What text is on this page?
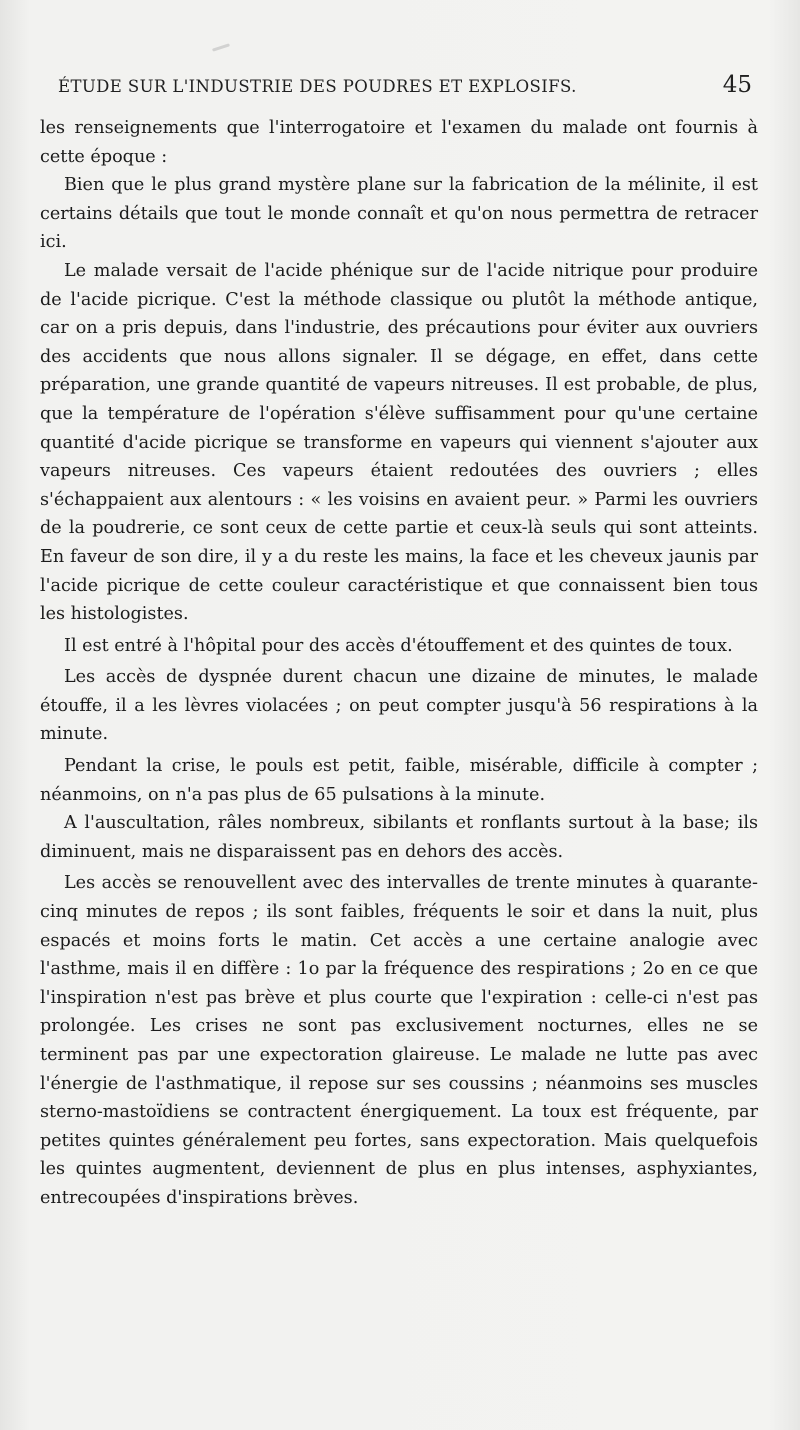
ÉTUDE SUR L'INDUSTRIE DES POUDRES ET EXPLOSIFS.	45

les renseignements que l'interrogatoire et l'examen du malade ont fournis à cette époque :

Bien que le plus grand mystère plane sur la fabrication de la mélinite, il est certains détails que tout le monde connaît et qu'on nous permettra de retracer ici.

Le malade versait de l'acide phénique sur de l'acide nitrique pour produire de l'acide picrique. C'est la méthode classique ou plutôt la méthode antique, car on a pris depuis, dans l'industrie, des précautions pour éviter aux ouvriers des accidents que nous allons signaler. Il se dégage, en effet, dans cette préparation, une grande quantité de vapeurs nitreuses. Il est probable, de plus, que la température de l'opération s'élève suffisamment pour qu'une certaine quantité d'acide picrique se transforme en vapeurs qui viennent s'ajouter aux vapeurs nitreuses. Ces vapeurs étaient redoutées des ouvriers ; elles s'échappaient aux alentours : « les voisins en avaient peur. » Parmi les ouvriers de la poudrerie, ce sont ceux de cette partie et ceux-là seuls qui sont atteints. En faveur de son dire, il y a du reste les mains, la face et les cheveux jaunis par l'acide picrique de cette couleur caractéristique et que connaissent bien tous les histologistes.

Il est entré à l'hôpital pour des accès d'étouffement et des quintes de toux.

Les accès de dyspnée durent chacun une dizaine de minutes, le malade étouffe, il a les lèvres violacées ; on peut compter jusqu'à 56 respirations à la minute.

Pendant la crise, le pouls est petit, faible, misérable, difficile à compter ; néanmoins, on n'a pas plus de 65 pulsations à la minute.

A l'auscultation, râles nombreux, sibilants et ronflants surtout à la base; ils diminuent, mais ne disparaissent pas en dehors des accès.

Les accès se renouvellent avec des intervalles de trente minutes à quarante-cinq minutes de repos ; ils sont faibles, fréquents le soir et dans la nuit, plus espacés et moins forts le matin. Cet accès a une certaine analogie avec l'asthme, mais il en diffère : 1o par la fréquence des respirations ; 2o en ce que l'inspiration n'est pas brève et plus courte que l'expiration : celle-ci n'est pas prolongée. Les crises ne sont pas exclusivement nocturnes, elles ne se terminent pas par une expectoration glaireuse. Le malade ne lutte pas avec l'énergie de l'asthmatique, il repose sur ses coussins ; néanmoins ses muscles sterno-mastoïdiens se contractent énergiquement. La toux est fréquente, par petites quintes généralement peu fortes, sans expectoration. Mais quelquefois les quintes augmentent, deviennent de plus en plus intenses, asphyxiantes, entrecoupées d'inspirations brèves.
